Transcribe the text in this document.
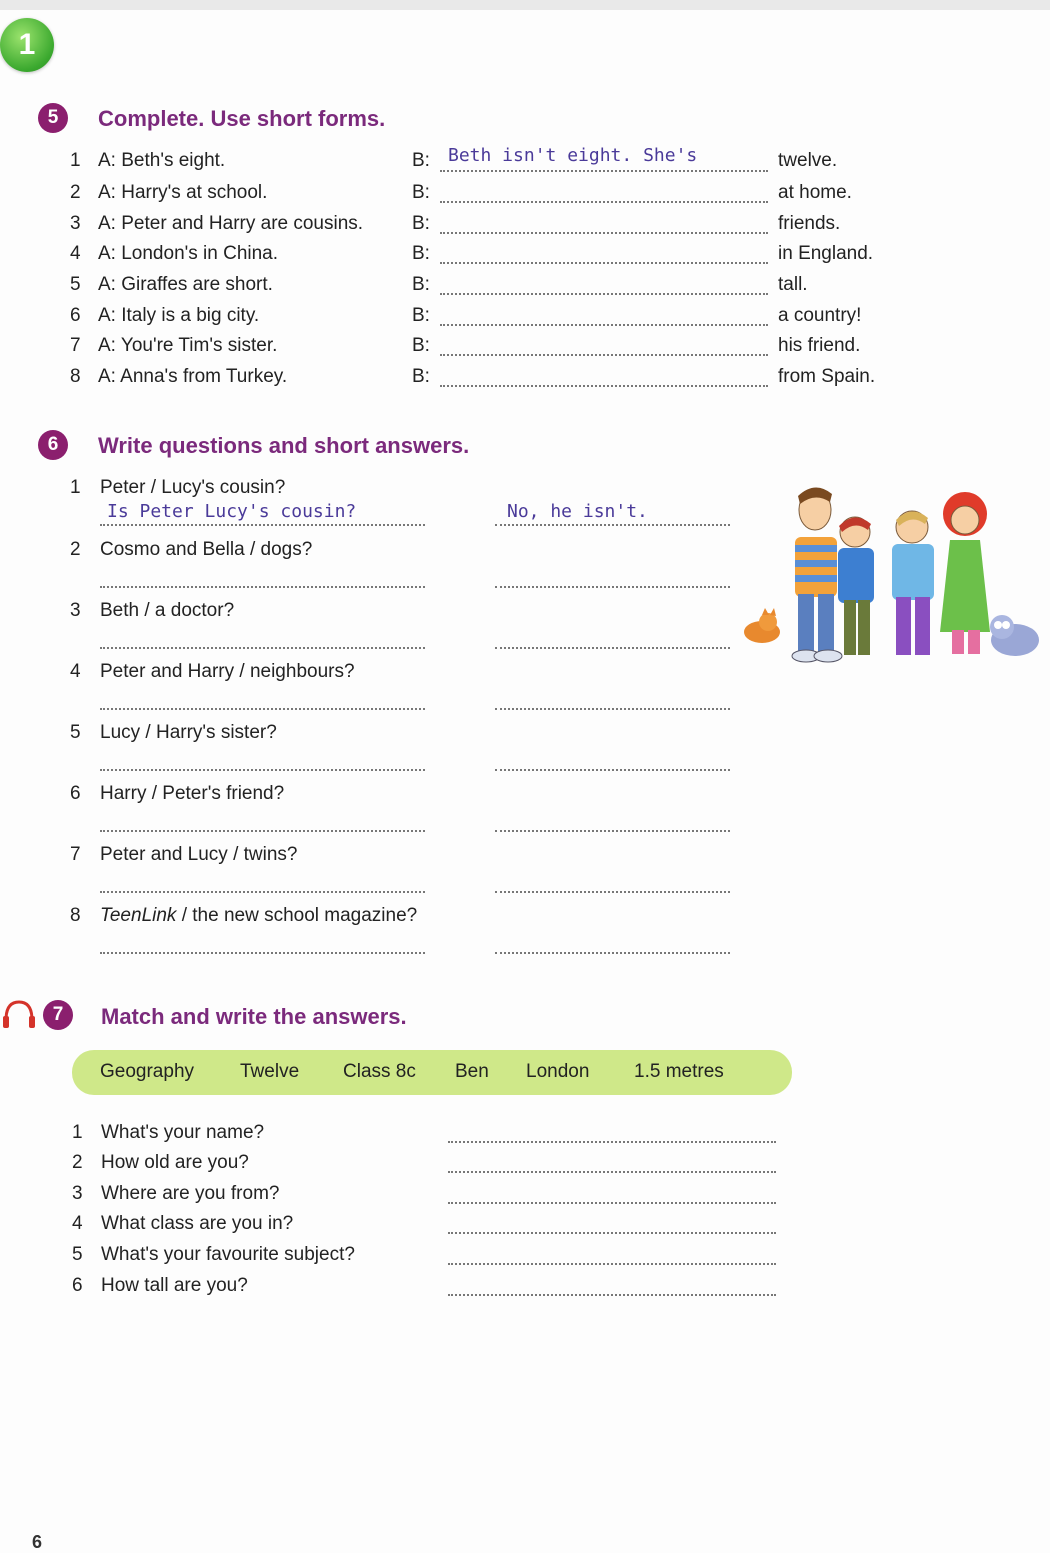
1
5	Complete. Use short forms.
1 A: Beth's eight.	B: Beth isn't eight. She's	twelve.
2 A: Harry's at school.	B:	at home.
3 A: Peter and Harry are cousins.	B:	friends.
4 A: London's in China.	B:	in England.
5 A: Giraffes are short.	B:	tall.
6 A: Italy is a big city.	B:	a country!
7 A: You're Tim's sister.	B:	his friend.
8 A: Anna's from Turkey.	B:	from Spain.
6	Write questions and short answers.
1 Peter / Lucy's cousin?
Is Peter Lucy's cousin?	No, he isn't.
2 Cosmo and Bella / dogs?
3 Beth / a doctor?
4 Peter and Harry / neighbours?
5 Lucy / Harry's sister?
6 Harry / Peter's friend?
7 Peter and Lucy / twins?
8 TeenLink / the new school magazine?
7	Match and write the answers.
Geography Twelve Class 8c Ben London 1.5 metres
1 What's your name?
2 How old are you?
3 Where are you from?
4 What class are you in?
5 What's your favourite subject?
6 How tall are you?
6
